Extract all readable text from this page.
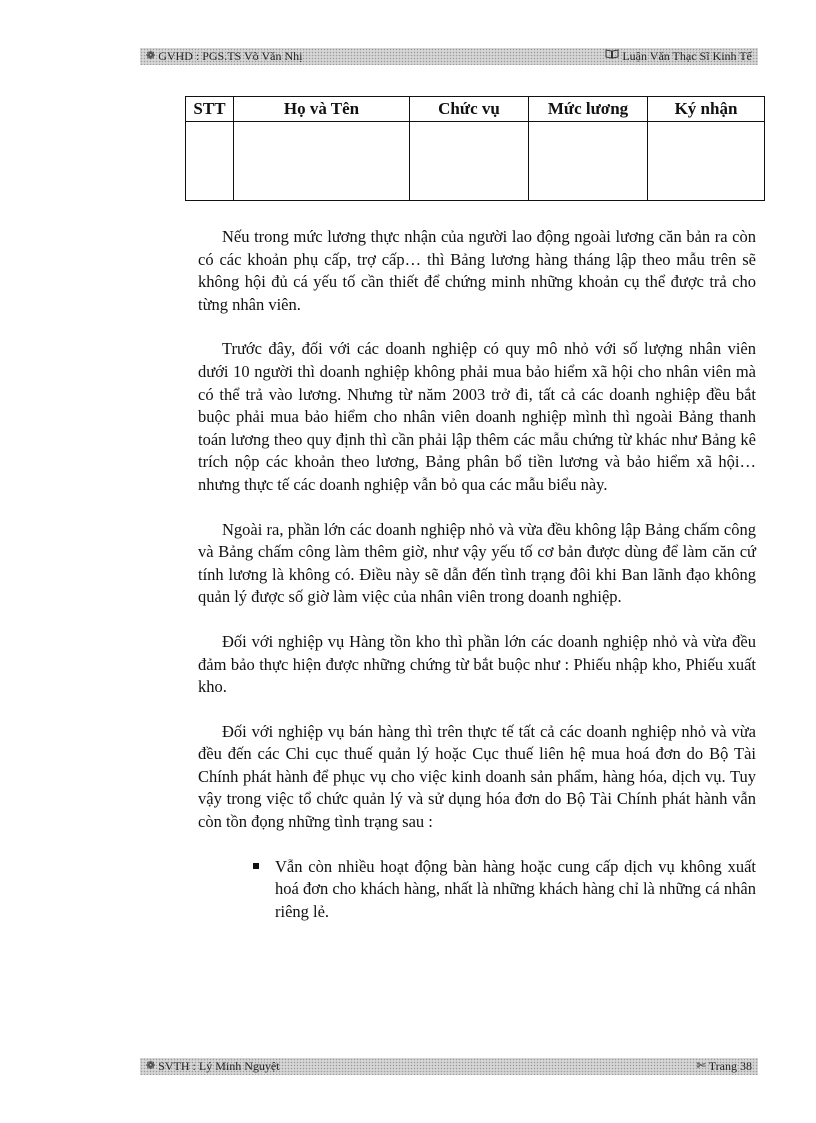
❁ GVHD : PGS.TS Võ Văn Nhị	Luận Văn Thạc Sĩ Kinh Tế
STT	Họ và Tên	Chức vụ	Mức lương	Ký nhận

Nếu trong mức lương thực nhận của người lao động ngoài lương căn bản ra còn có các khoản phụ cấp, trợ cấp… thì Bảng lương hàng tháng lập theo mẫu trên sẽ không hội đủ cá yếu tố cần thiết để chứng minh những khoản cụ thể được trả cho từng nhân viên.

Trước đây, đối với các doanh nghiệp có quy mô nhỏ với số lượng nhân viên dưới 10 người thì doanh nghiệp không phải mua bảo hiểm xã hội cho nhân viên mà có thể trả vào lương. Nhưng từ năm 2003 trở đi, tất cả các doanh nghiệp đều bắt buộc phải mua bảo hiểm cho nhân viên doanh nghiệp mình thì ngoài Bảng thanh toán lương theo quy định thì cần phải lập thêm các mẫu chứng từ khác như Bảng kê trích nộp các khoản theo lương, Bảng phân bổ tiền lương và bảo hiểm xã hội… nhưng thực tế các doanh nghiệp vẫn bỏ qua các mẫu biểu này.

Ngoài ra, phần lớn các doanh nghiệp nhỏ và vừa đều không lập Bảng chấm công và Bảng chấm công làm thêm giờ, như vậy yếu tố cơ bản được dùng để làm căn cứ tính lương là không có. Điều này sẽ dẫn đến tình trạng đôi khi Ban lãnh đạo không quản lý được số giờ làm việc của nhân viên trong doanh nghiệp.

Đối với nghiệp vụ Hàng tồn kho thì phần lớn các doanh nghiệp nhỏ và vừa đều đảm bảo thực hiện được những chứng từ bắt buộc như : Phiếu nhập kho, Phiếu xuất kho.

Đối với nghiệp vụ bán hàng thì trên thực tế tất cả các doanh nghiệp nhỏ và vừa đều đến các Chi cục thuế quản lý hoặc Cục thuế liên hệ mua hoá đơn do Bộ Tài Chính phát hành để phục vụ cho việc kinh doanh sản phẩm, hàng hóa, dịch vụ. Tuy vậy trong việc tổ chức quản lý và sử dụng hóa đơn do Bộ Tài Chính phát hành vẫn còn tồn đọng những tình trạng sau :

Vẫn còn nhiều hoạt động bàn hàng hoặc cung cấp dịch vụ không xuất hoá đơn cho khách hàng, nhất là những khách hàng chỉ là những cá nhân riêng lẻ.
❁ SVTH : Lý Minh Nguyệt	✄ Trang 38
